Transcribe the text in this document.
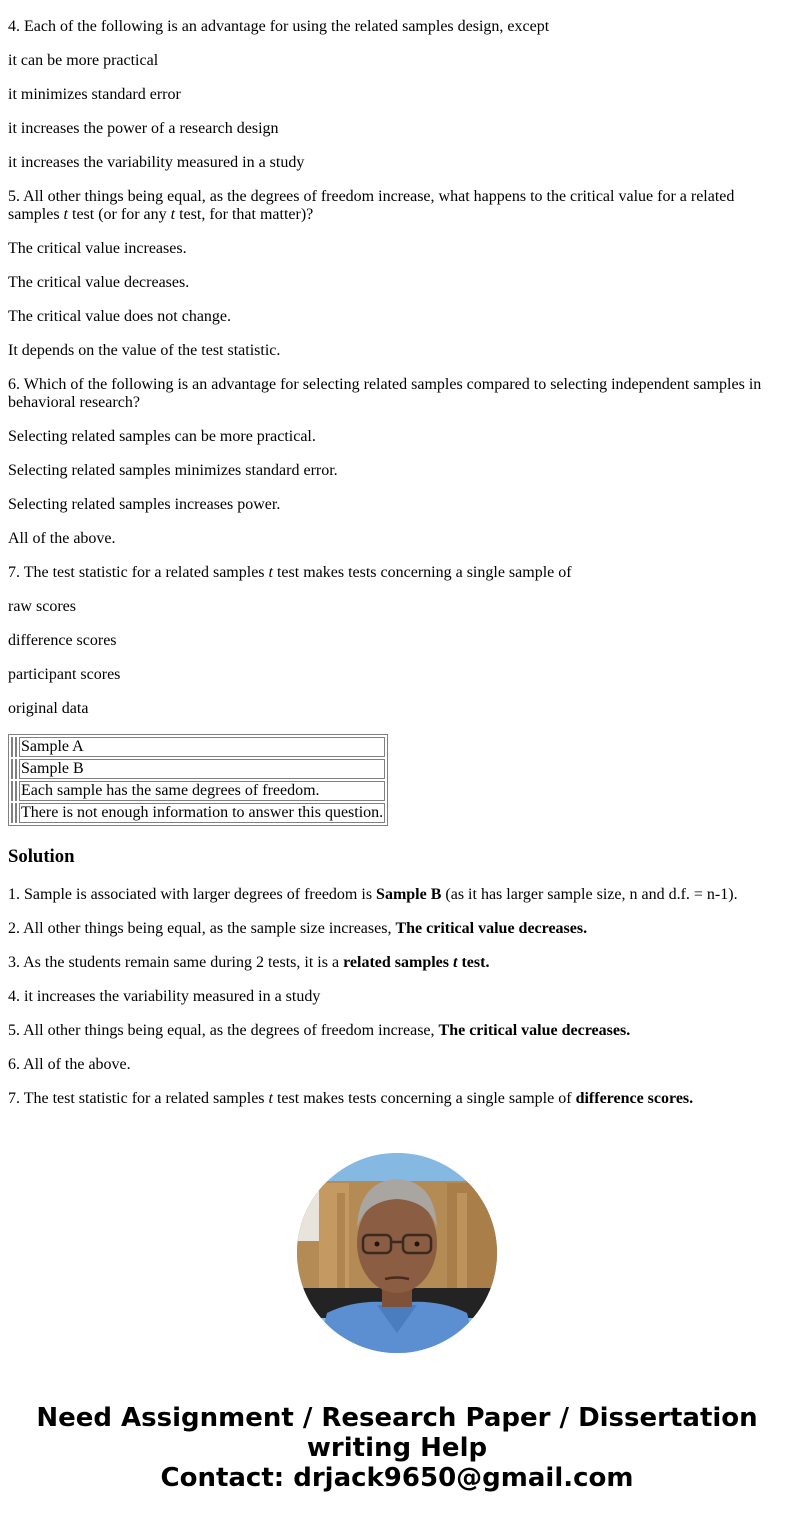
4. Each of the following is an advantage for using the related samples design, except

it can be more practical

it minimizes standard error

it increases the power of a research design

it increases the variability measured in a study

5. All other things being equal, as the degrees of freedom increase, what happens to the critical value for a related samples t test (or for any t test, for that matter)?

The critical value increases.

The critical value decreases.

The critical value does not change.

It depends on the value of the test statistic.

6. Which of the following is an advantage for selecting related samples compared to selecting independent samples in behavioral research?

Selecting related samples can be more practical.

Selecting related samples minimizes standard error.

Selecting related samples increases power.

All of the above.

7. The test statistic for a related samples t test makes tests concerning a single sample of

raw scores

difference scores

participant scores

original data

		Sample A
		Sample B
		Each sample has the same degrees of freedom.
		There is not enough information to answer this question.
Solution

1. Sample is associated with larger degrees of freedom is Sample B (as it has larger sample size, n and d.f. = n-1).

2. All other things being equal, as the sample size increases, The critical value decreases.

3. As the students remain same during 2 tests, it is a related samples t test.

4. it increases the variability measured in a study

5. All other things being equal, as the degrees of freedom increase, The critical value decreases.

6. All of the above.

7. The test statistic for a related samples t test makes tests concerning a single sample of difference scores.

Need Assignment / Research Paper / Dissertation
writing Help
Contact: drjack9650@gmail.com
